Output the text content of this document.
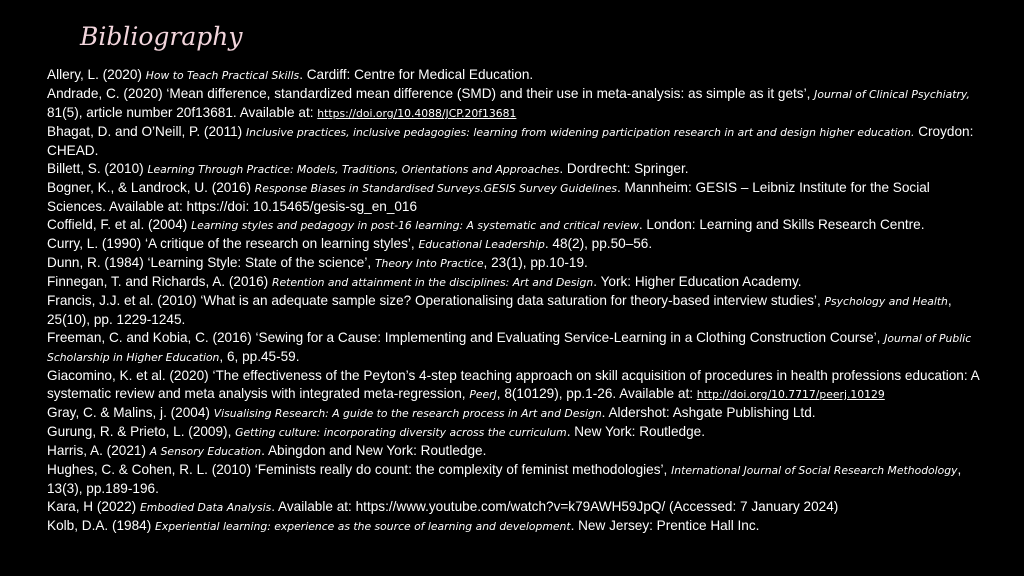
Bibliography

Allery, L. (2020) How to Teach Practical Skills. Cardiff: Centre for Medical Education.

Andrade, C. (2020) ‘Mean difference, standardized mean difference (SMD) and their use in meta-analysis: as simple as it gets’, Journal of Clinical Psychiatry, 81(5), article number 20f13681. Available at: https://doi.org/10.4088/JCP.20f13681

Bhagat, D. and O’Neill, P. (2011) Inclusive practices, inclusive pedagogies: learning from widening participation research in art and design higher education. Croydon: CHEAD.

Billett, S. (2010) Learning Through Practice: Models, Traditions, Orientations and Approaches. Dordrecht: Springer.

Bogner, K., & Landrock, U. (2016) Response Biases in Standardised Surveys.GESIS Survey Guidelines. Mannheim: GESIS – Leibniz Institute for the Social Sciences. Available at: https://doi: 10.15465/gesis-sg_en_016

Coffield, F. et al. (2004) Learning styles and pedagogy in post-16 learning: A systematic and critical review. London: Learning and Skills Research Centre.

Curry, L. (1990) ‘A critique of the research on learning styles’, Educational Leadership. 48(2), pp.50–56.

Dunn, R. (1984) ‘Learning Style: State of the science’, Theory Into Practice, 23(1), pp.10-19.

Finnegan, T. and Richards, A. (2016) Retention and attainment in the disciplines: Art and Design. York: Higher Education Academy.

Francis, J.J. et al. (2010) ‘What is an adequate sample size? Operationalising data saturation for theory-based interview studies’, Psychology and Health, 25(10), pp. 1229-1245.

Freeman, C. and Kobia, C. (2016) ‘Sewing for a Cause: Implementing and Evaluating Service-Learning in a Clothing Construction Course’, Journal of Public Scholarship in Higher Education, 6, pp.45-59.

Giacomino, K. et al. (2020) ‘The effectiveness of the Peyton’s 4-step teaching approach on skill acquisition of procedures in health professions education: A systematic review and meta analysis with integrated meta-regression, PeerJ, 8(10129), pp.1-26. Available at: http://doi.org/10.7717/peerj.10129

Gray, C. & Malins, j. (2004) Visualising Research: A guide to the research process in Art and Design. Aldershot: Ashgate Publishing Ltd.

Gurung, R. & Prieto, L. (2009), Getting culture: incorporating diversity across the curriculum. New York: Routledge.

Harris, A. (2021) A Sensory Education. Abingdon and New York: Routledge.

Hughes, C. & Cohen, R. L. (2010) ‘Feminists really do count: the complexity of feminist methodologies’, International Journal of Social Research Methodology, 13(3), pp.189-196.

Kara, H (2022) Embodied Data Analysis. Available at: https://www.youtube.com/watch?v=k79AWH59JpQ/ (Accessed: 7 January 2024)

Kolb, D.A. (1984) Experiential learning: experience as the source of learning and development. New Jersey: Prentice Hall Inc.
